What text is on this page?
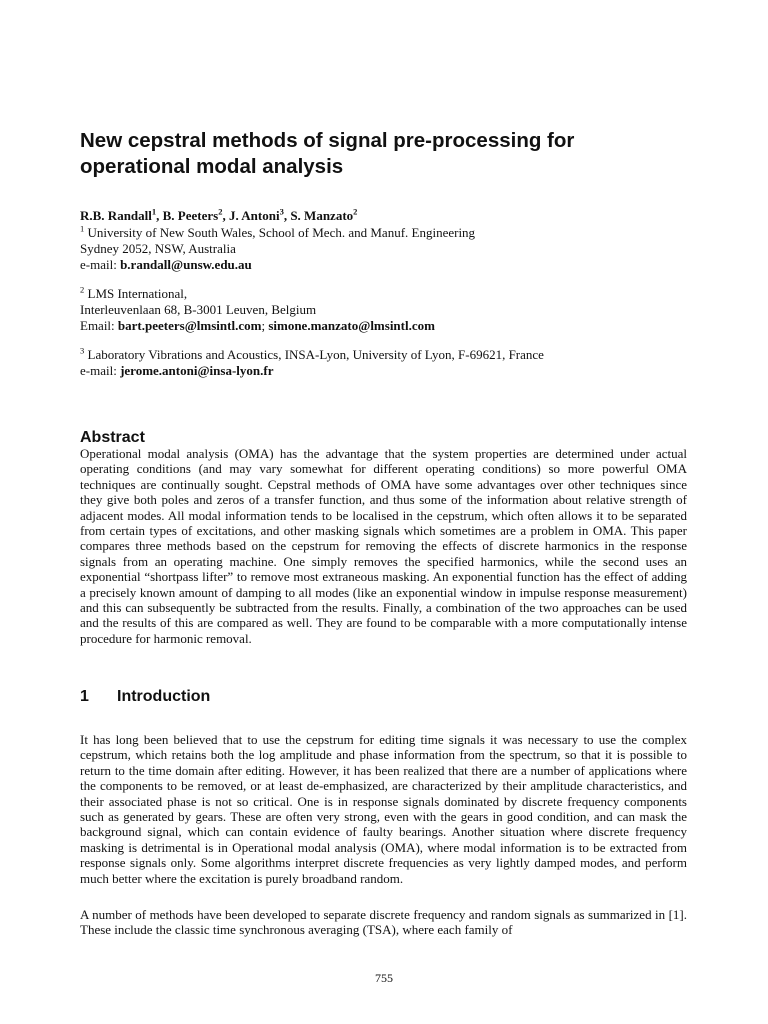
New cepstral methods of signal pre-processing for
operational modal analysis
R.B. Randall$^1$, B. Peeters$^2$, J. Antoni$^3$, S. Manzato$^2$
$^1$ University of New South Wales, School of Mech. and Manuf. Engineering
Sydney 2052, NSW, Australia
e-mail: b.randall@unsw.edu.au
$^2$ LMS International,
Interleuvenlaan 68, B-3001 Leuven, Belgium
Email: bart.peeters@lmsintl.com; simone.manzato@lmsintl.com
$^3$ Laboratory Vibrations and Acoustics, INSA-Lyon, University of Lyon, F-69621, France
e-mail: jerome.antoni@insa-lyon.fr
Abstract
Operational modal analysis (OMA) has the advantage that the system properties are determined under actual operating conditions (and may vary somewhat for different operating conditions) so more powerful OMA techniques are continually sought. Cepstral methods of OMA have some advantages over other techniques since they give both poles and zeros of a transfer function, and thus some of the information about relative strength of adjacent modes. All modal information tends to be localised in the cepstrum, which often allows it to be separated from certain types of excitations, and other masking signals which sometimes are a problem in OMA. This paper compares three methods based on the cepstrum for removing the effects of discrete harmonics in the response signals from an operating machine. One simply removes the specified harmonics, while the second uses an exponential “shortpass lifter” to remove most extraneous masking. An exponential function has the effect of adding a precisely known amount of damping to all modes (like an exponential window in impulse response measurement) and this can subsequently be subtracted from the results. Finally, a combination of the two approaches can be used and the results of this are compared as well. They are found to be comparable with a more computationally intense procedure for harmonic removal.
1 Introduction
It has long been believed that to use the cepstrum for editing time signals it was necessary to use the complex cepstrum, which retains both the log amplitude and phase information from the spectrum, so that it is possible to return to the time domain after editing. However, it has been realized that there are a number of applications where the components to be removed, or at least de-emphasized, are characterized by their amplitude characteristics, and their associated phase is not so critical. One is in response signals dominated by discrete frequency components such as generated by gears. These are often very strong, even with the gears in good condition, and can mask the background signal, which can contain evidence of faulty bearings. Another situation where discrete frequency masking is detrimental is in Operational modal analysis (OMA), where modal information is to be extracted from response signals only. Some algorithms interpret discrete frequencies as very lightly damped modes, and perform much better where the excitation is purely broadband random.
A number of methods have been developed to separate discrete frequency and random signals as summarized in [1]. These include the classic time synchronous averaging (TSA), where each family of
755
